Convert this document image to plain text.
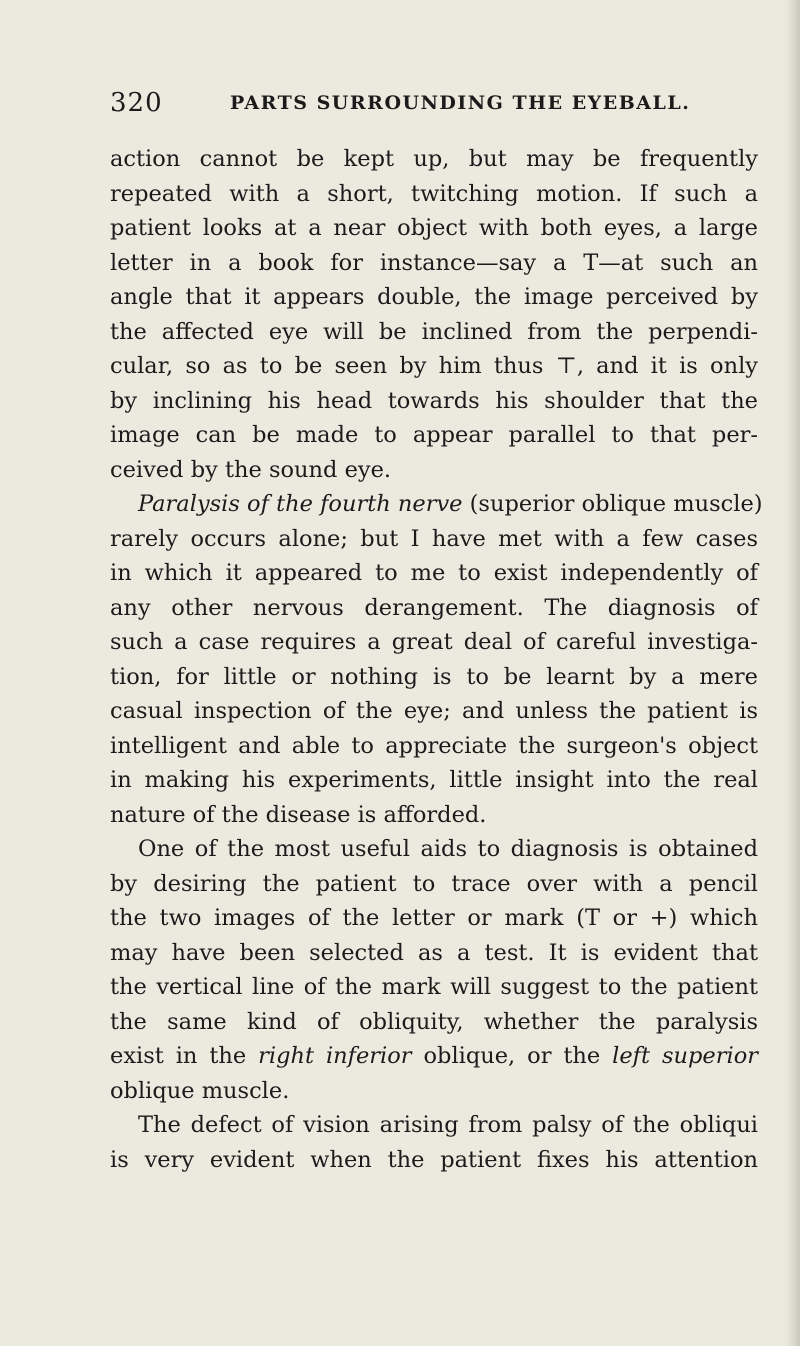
320	PARTS SURROUNDING THE EYEBALL.
action cannot be kept up, but may be frequently
repeated with a short, twitching motion. If such a
patient looks at a near object with both eyes, a large
letter in a book for instance—say a T—at such an
angle that it appears double, the image perceived by
the affected eye will be inclined from the perpendi-
cular, so as to be seen by him thus ⊤, and it is only
by inclining his head towards his shoulder that the
image can be made to appear parallel to that per-
ceived by the sound eye.
Paralysis of the fourth nerve (superior oblique muscle)
rarely occurs alone; but I have met with a few cases
in which it appeared to me to exist independently of
any other nervous derangement. The diagnosis of
such a case requires a great deal of careful investiga-
tion, for little or nothing is to be learnt by a mere
casual inspection of the eye; and unless the patient is
intelligent and able to appreciate the surgeon's object
in making his experiments, little insight into the real
nature of the disease is afforded.
One of the most useful aids to diagnosis is obtained
by desiring the patient to trace over with a pencil
the two images of the letter or mark (T or +) which
may have been selected as a test. It is evident that
the vertical line of the mark will suggest to the patient
the same kind of obliquity, whether the paralysis
exist in the right inferior oblique, or the left superior
oblique muscle.
The defect of vision arising from palsy of the obliqui
is very evident when the patient fixes his attention
